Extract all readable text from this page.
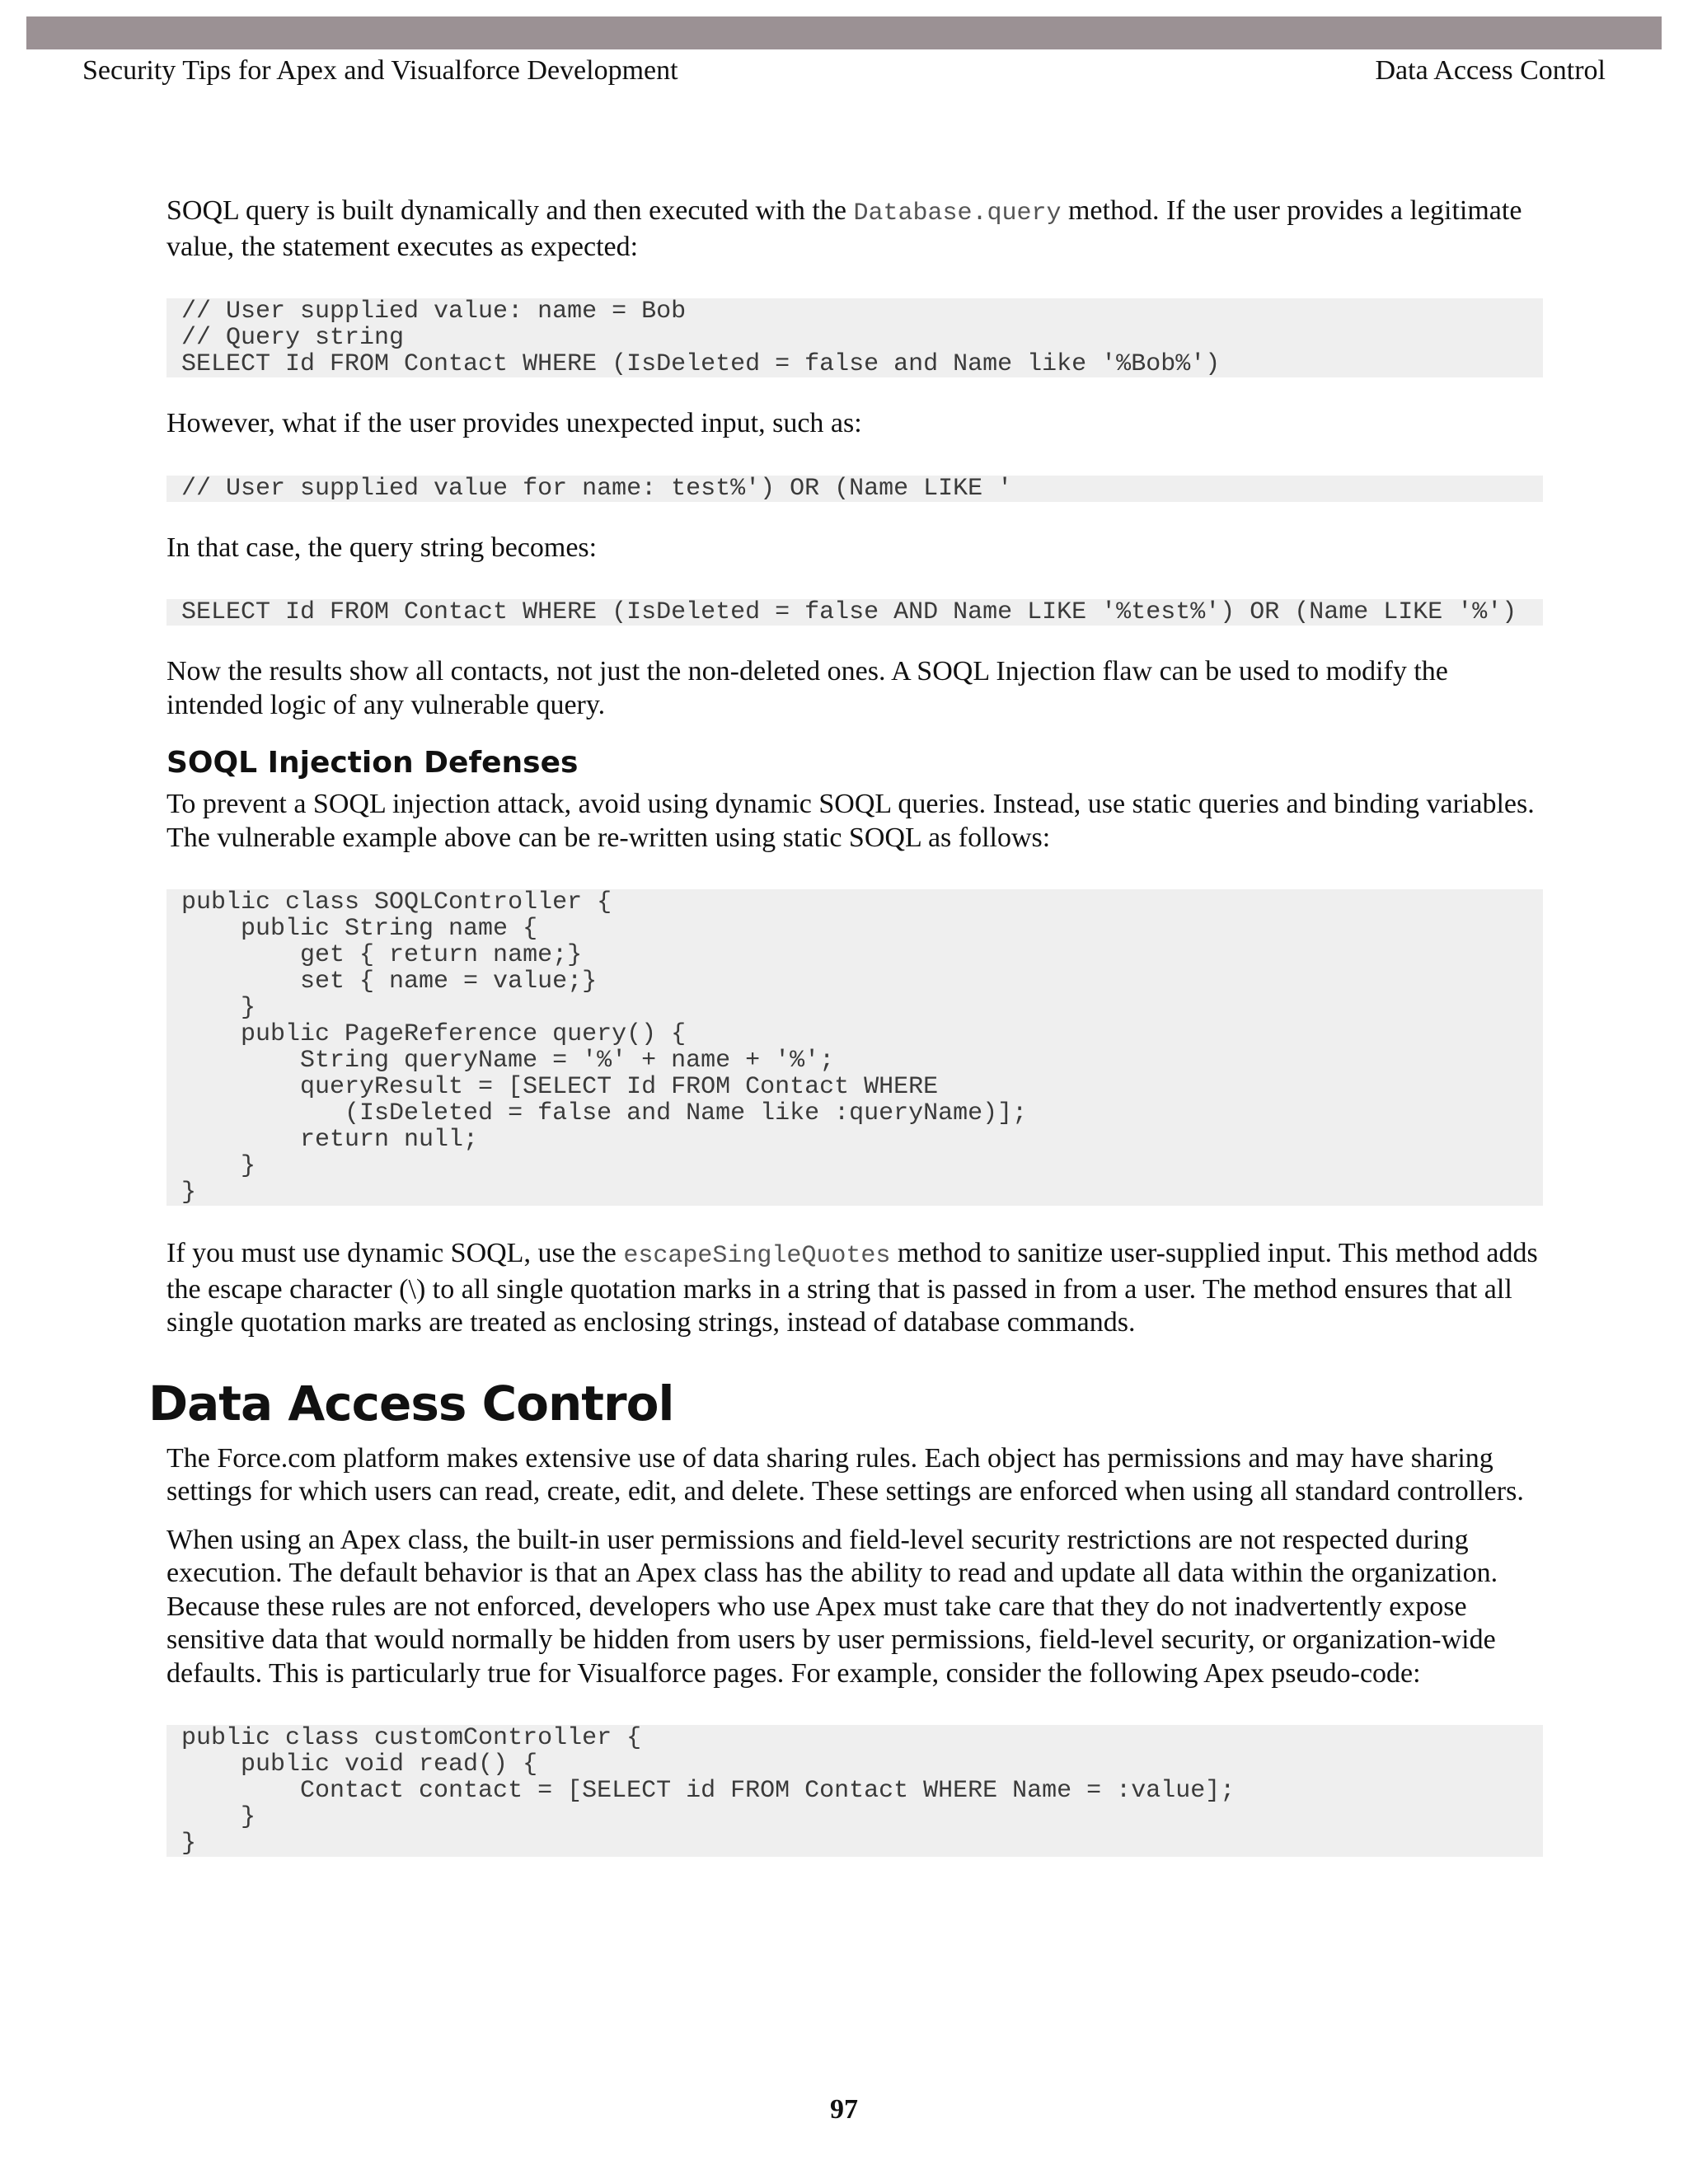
Security Tips for Apex and Visualforce Development	Data Access Control

SOQL query is built dynamically and then executed with the Database.query method. If the user provides a legitimate value, the statement executes as expected:

// User supplied value: name = Bob
// Query string
SELECT Id FROM Contact WHERE (IsDeleted = false and Name like '%Bob%')

However, what if the user provides unexpected input, such as:

// User supplied value for name: test%') OR (Name LIKE '

In that case, the query string becomes:

SELECT Id FROM Contact WHERE (IsDeleted = false AND Name LIKE '%test%') OR (Name LIKE '%')

Now the results show all contacts, not just the non-deleted ones. A SOQL Injection flaw can be used to modify the intended logic of any vulnerable query.

SOQL Injection Defenses

To prevent a SOQL injection attack, avoid using dynamic SOQL queries. Instead, use static queries and binding variables. The vulnerable example above can be re-written using static SOQL as follows:

public class SOQLController {
public String name {
get { return name;}
set { name = value;}
}
public PageReference query() {
String queryName = '%' + name + '%';
queryResult = [SELECT Id FROM Contact WHERE
(IsDeleted = false and Name like :queryName)];
return null;
}
}

If you must use dynamic SOQL, use the escapeSingleQuotes method to sanitize user-supplied input. This method adds the escape character (\) to all single quotation marks in a string that is passed in from a user. The method ensures that all single quotation marks are treated as enclosing strings, instead of database commands.

Data Access Control

The Force.com platform makes extensive use of data sharing rules. Each object has permissions and may have sharing settings for which users can read, create, edit, and delete. These settings are enforced when using all standard controllers.

When using an Apex class, the built-in user permissions and field-level security restrictions are not respected during execution. The default behavior is that an Apex class has the ability to read and update all data within the organization. Because these rules are not enforced, developers who use Apex must take care that they do not inadvertently expose sensitive data that would normally be hidden from users by user permissions, field-level security, or organization-wide defaults. This is particularly true for Visualforce pages. For example, consider the following Apex pseudo-code:

public class customController {
public void read() {
Contact contact = [SELECT id FROM Contact WHERE Name = :value];
}
}
97
